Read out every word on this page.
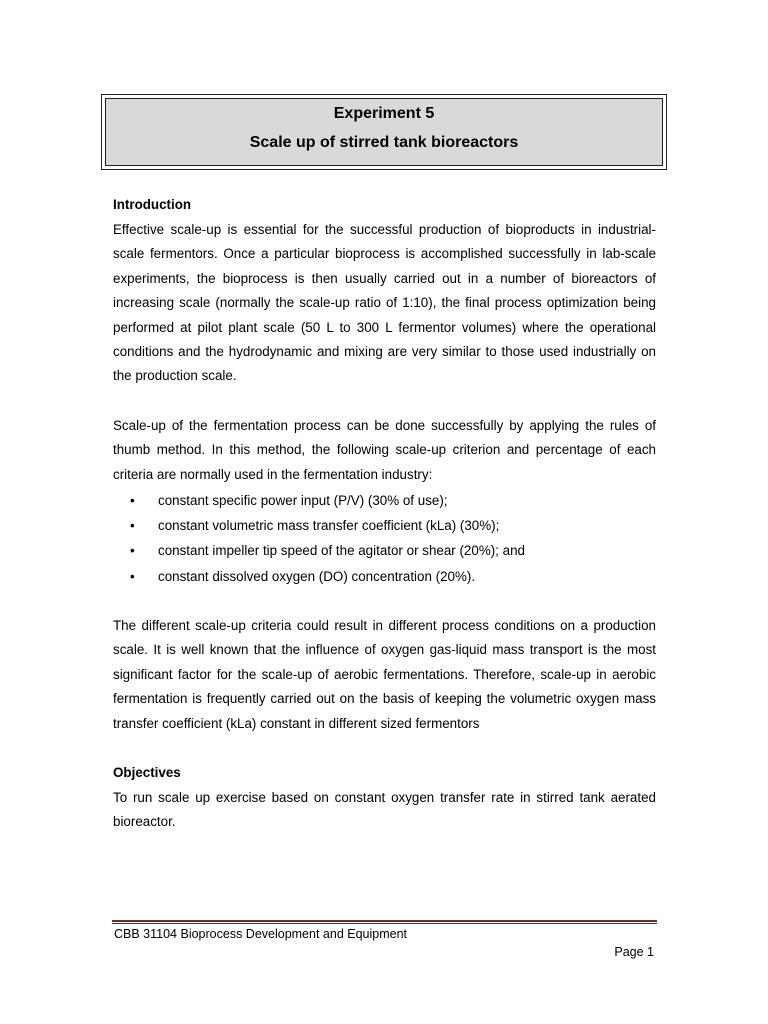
Experiment 5
Scale up of stirred tank bioreactors
Introduction
Effective scale-up is essential for the successful production of bioproducts in industrial-scale fermentors. Once a particular bioprocess is accomplished successfully in lab-scale experiments, the bioprocess is then usually carried out in a number of bioreactors of increasing scale (normally the scale-up ratio of 1:10), the final process optimization being performed at pilot plant scale (50 L to 300 L fermentor volumes) where the operational conditions and the hydrodynamic and mixing are very similar to those used industrially on the production scale.
Scale-up of the fermentation process can be done successfully by applying the rules of thumb method. In this method, the following scale-up criterion and percentage of each criteria are normally used in the fermentation industry:
• constant specific power input (P/V) (30% of use);
• constant volumetric mass transfer coefficient (kLa) (30%);
• constant impeller tip speed of the agitator or shear (20%); and
• constant dissolved oxygen (DO) concentration (20%).
The different scale-up criteria could result in different process conditions on a production scale. It is well known that the influence of oxygen gas-liquid mass transport is the most significant factor for the scale-up of aerobic fermentations. Therefore, scale-up in aerobic fermentation is frequently carried out on the basis of keeping the volumetric oxygen mass transfer coefficient (kLa) constant in different sized fermentors
Objectives
To run scale up exercise based on constant oxygen transfer rate in stirred tank aerated bioreactor.
CBB 31104 Bioprocess Development and Equipment
Page 1
